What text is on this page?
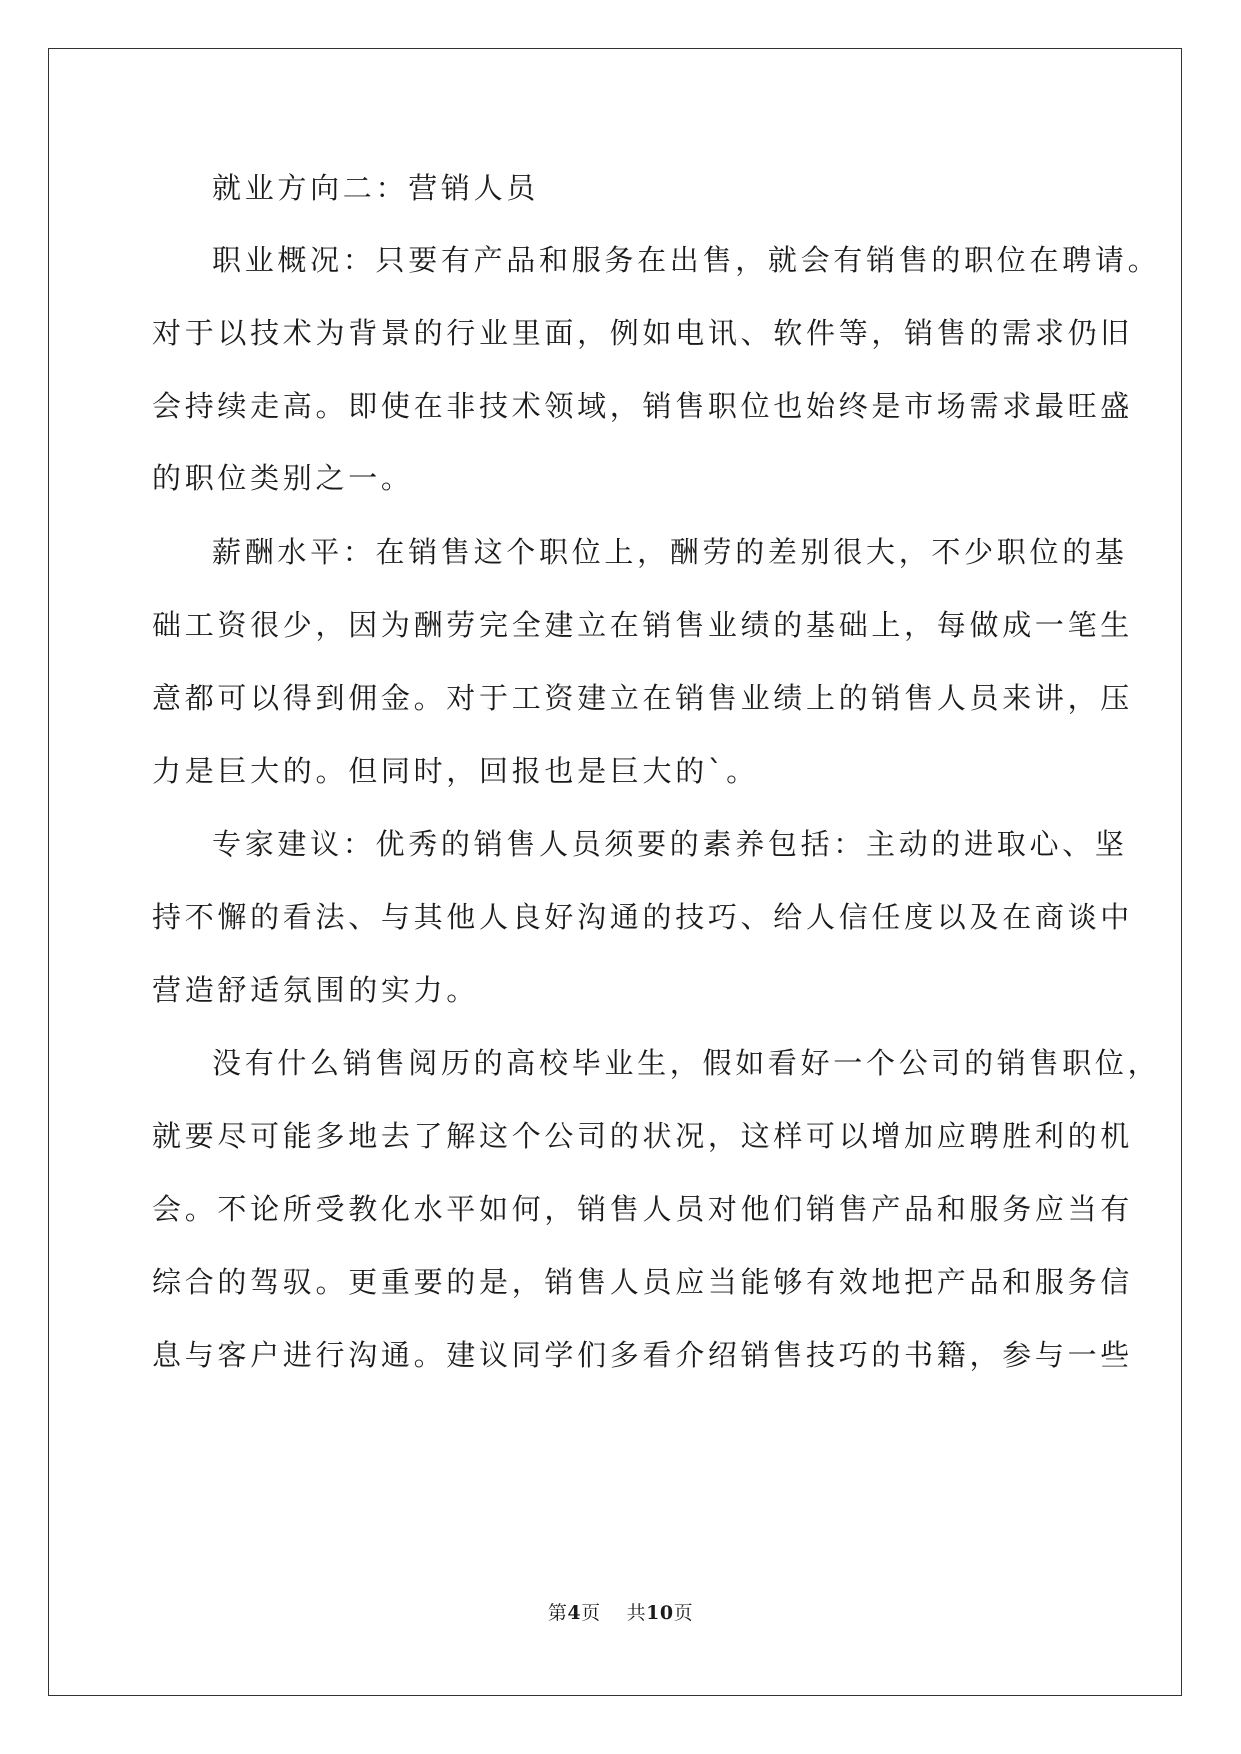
就业方向二：营销人员
职业概况：只要有产品和服务在出售，就会有销售的职位在聘请。
对于以技术为背景的行业里面，例如电讯、软件等，销售的需求仍旧
会持续走高。即使在非技术领域，销售职位也始终是市场需求最旺盛
的职位类别之一。
薪酬水平：在销售这个职位上，酬劳的差别很大，不少职位的基
础工资很少，因为酬劳完全建立在销售业绩的基础上，每做成一笔生
意都可以得到佣金。对于工资建立在销售业绩上的销售人员来讲，压
力是巨大的。但同时，回报也是巨大的`。
专家建议：优秀的销售人员须要的素养包括：主动的进取心、坚
持不懈的看法、与其他人良好沟通的技巧、给人信任度以及在商谈中
营造舒适氛围的实力。
没有什么销售阅历的高校毕业生，假如看好一个公司的销售职位，
就要尽可能多地去了解这个公司的状况，这样可以增加应聘胜利的机
会。不论所受教化水平如何，销售人员对他们销售产品和服务应当有
综合的驾驭。更重要的是，销售人员应当能够有效地把产品和服务信
息与客户进行沟通。建议同学们多看介绍销售技巧的书籍，参与一些
第4页 共10页
